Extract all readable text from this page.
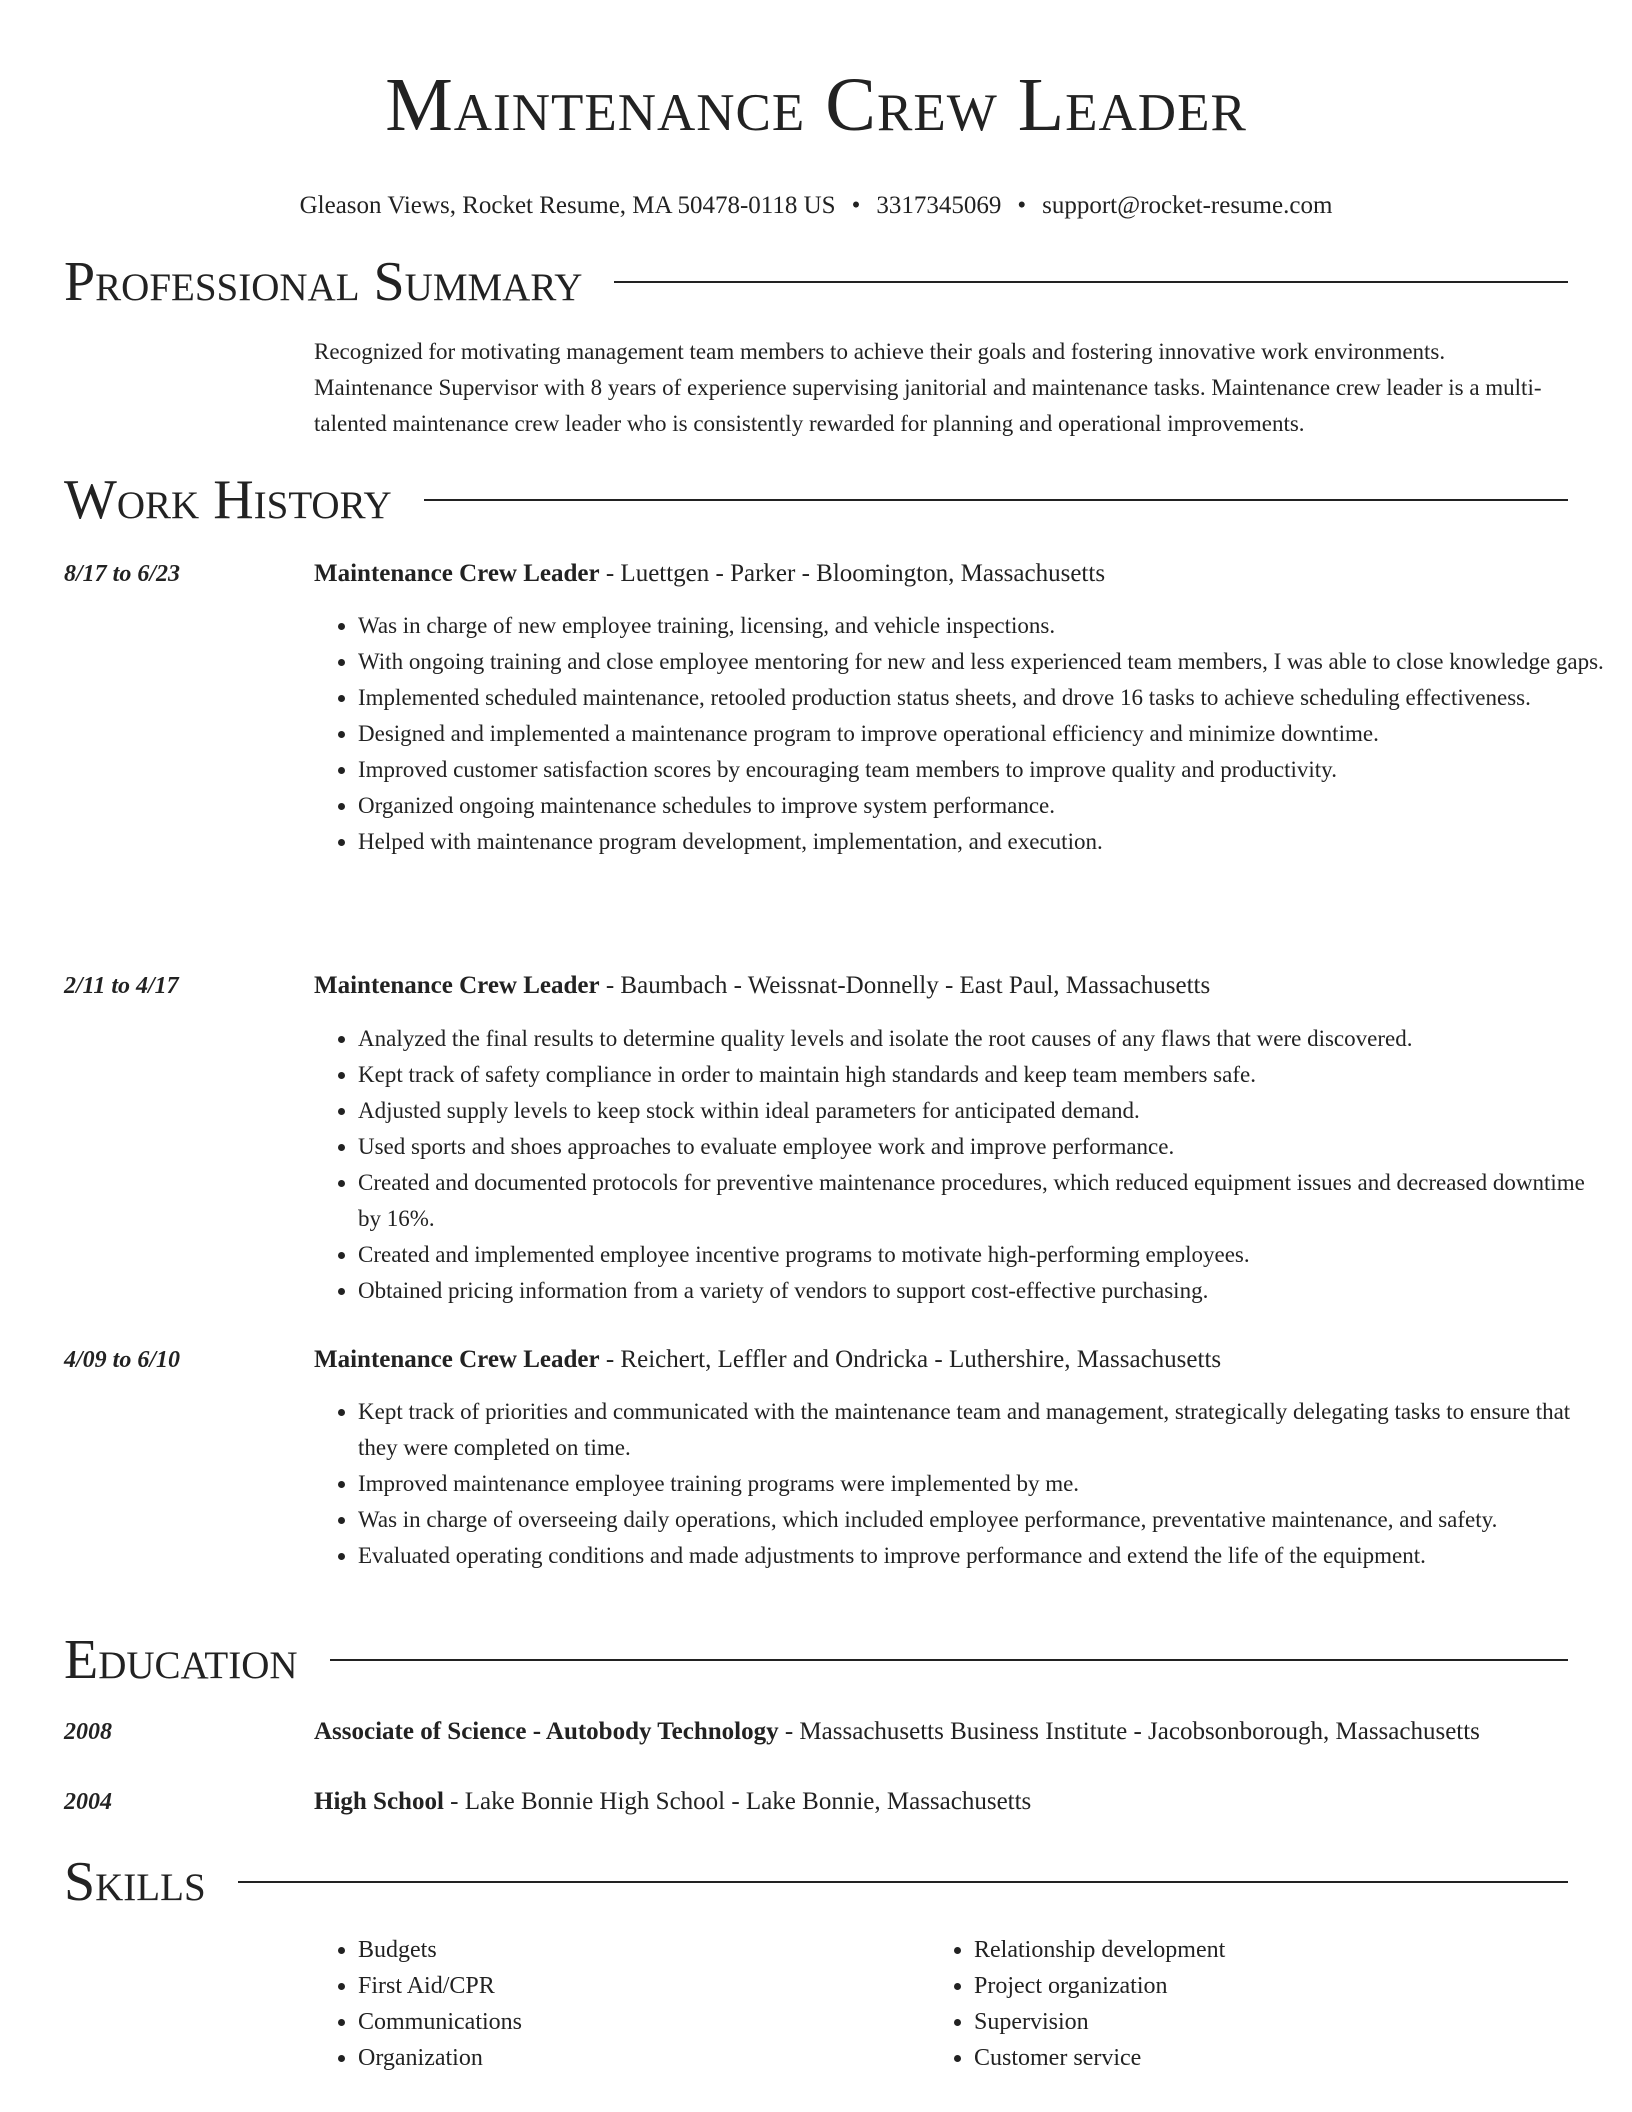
Maintenance Crew Leader
Gleason Views, Rocket Resume, MA 50478-0118 US • 3317345069 • support@rocket-resume.com
Professional Summary
Recognized for motivating management team members to achieve their goals and fostering innovative work environments. Maintenance Supervisor with 8 years of experience supervising janitorial and maintenance tasks. Maintenance crew leader is a multi-talented maintenance crew leader who is consistently rewarded for planning and operational improvements.
Work History
8/17 to 6/23	Maintenance Crew Leader - Luettgen - Parker - Bloomington, Massachusetts
• Was in charge of new employee training, licensing, and vehicle inspections.
• With ongoing training and close employee mentoring for new and less experienced team members, I was able to close knowledge gaps.
• Implemented scheduled maintenance, retooled production status sheets, and drove 16 tasks to achieve scheduling effectiveness.
• Designed and implemented a maintenance program to improve operational efficiency and minimize downtime.
• Improved customer satisfaction scores by encouraging team members to improve quality and productivity.
• Organized ongoing maintenance schedules to improve system performance.
• Helped with maintenance program development, implementation, and execution.
2/11 to 4/17	Maintenance Crew Leader - Baumbach - Weissnat-Donnelly - East Paul, Massachusetts
• Analyzed the final results to determine quality levels and isolate the root causes of any flaws that were discovered.
• Kept track of safety compliance in order to maintain high standards and keep team members safe.
• Adjusted supply levels to keep stock within ideal parameters for anticipated demand.
• Used sports and shoes approaches to evaluate employee work and improve performance.
• Created and documented protocols for preventive maintenance procedures, which reduced equipment issues and decreased downtime by 16%.
• Created and implemented employee incentive programs to motivate high-performing employees.
• Obtained pricing information from a variety of vendors to support cost-effective purchasing.
4/09 to 6/10	Maintenance Crew Leader - Reichert, Leffler and Ondricka - Luthershire, Massachusetts
• Kept track of priorities and communicated with the maintenance team and management, strategically delegating tasks to ensure that they were completed on time.
• Improved maintenance employee training programs were implemented by me.
• Was in charge of overseeing daily operations, which included employee performance, preventative maintenance, and safety.
• Evaluated operating conditions and made adjustments to improve performance and extend the life of the equipment.
Education
2008	Associate of Science - Autobody Technology - Massachusetts Business Institute - Jacobsonborough, Massachusetts
2004	High School - Lake Bonnie High School - Lake Bonnie, Massachusetts
Skills
• Budgets
• First Aid/CPR
• Communications
• Organization
• Relationship development
• Project organization
• Supervision
• Customer service
